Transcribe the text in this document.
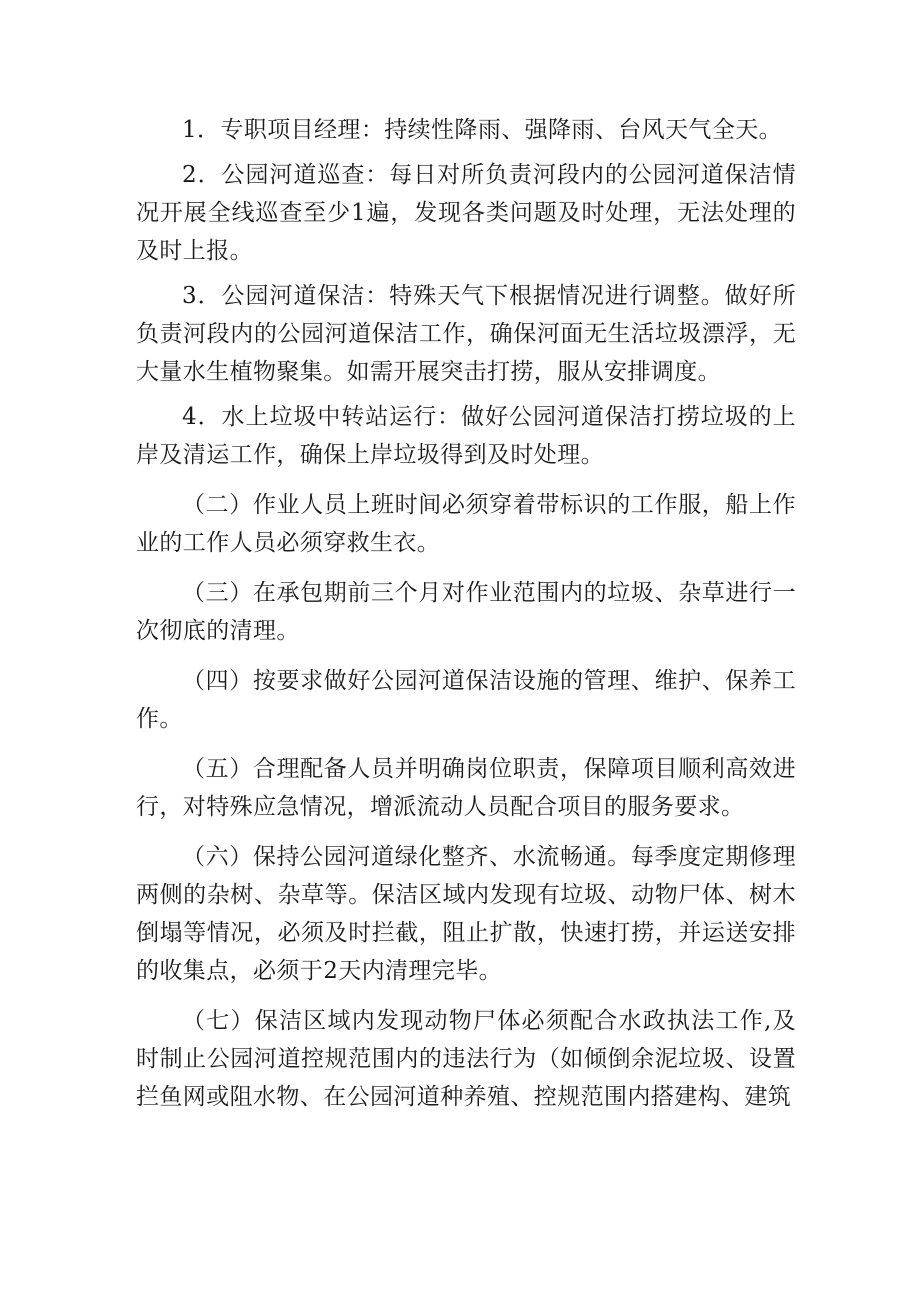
1．专职项目经理：持续性降雨、强降雨、台风天气全天。

2．公园河道巡查：每日对所负责河段内的公园河道保洁情况开展全线巡查至少1遍，发现各类问题及时处理，无法处理的及时上报。

3．公园河道保洁：特殊天气下根据情况进行调整。做好所负责河段内的公园河道保洁工作，确保河面无生活垃圾漂浮，无大量水生植物聚集。如需开展突击打捞，服从安排调度。

4．水上垃圾中转站运行：做好公园河道保洁打捞垃圾的上岸及清运工作，确保上岸垃圾得到及时处理。

（二）作业人员上班时间必须穿着带标识的工作服，船上作业的工作人员必须穿救生衣。

（三）在承包期前三个月对作业范围内的垃圾、杂草进行一次彻底的清理。

（四）按要求做好公园河道保洁设施的管理、维护、保养工作。

（五）合理配备人员并明确岗位职责，保障项目顺利高效进行，对特殊应急情况，增派流动人员配合项目的服务要求。

（六）保持公园河道绿化整齐、水流畅通。每季度定期修理两侧的杂树、杂草等。保洁区域内发现有垃圾、动物尸体、树木倒塌等情况，必须及时拦截，阻止扩散，快速打捞，并运送安排的收集点，必须于2天内清理完毕。

（七）保洁区域内发现动物尸体必须配合水政执法工作,及时制止公园河道控规范围内的违法行为（如倾倒余泥垃圾、设置拦鱼网或阻水物、在公园河道种养殖、控规范围内搭建构、建筑
